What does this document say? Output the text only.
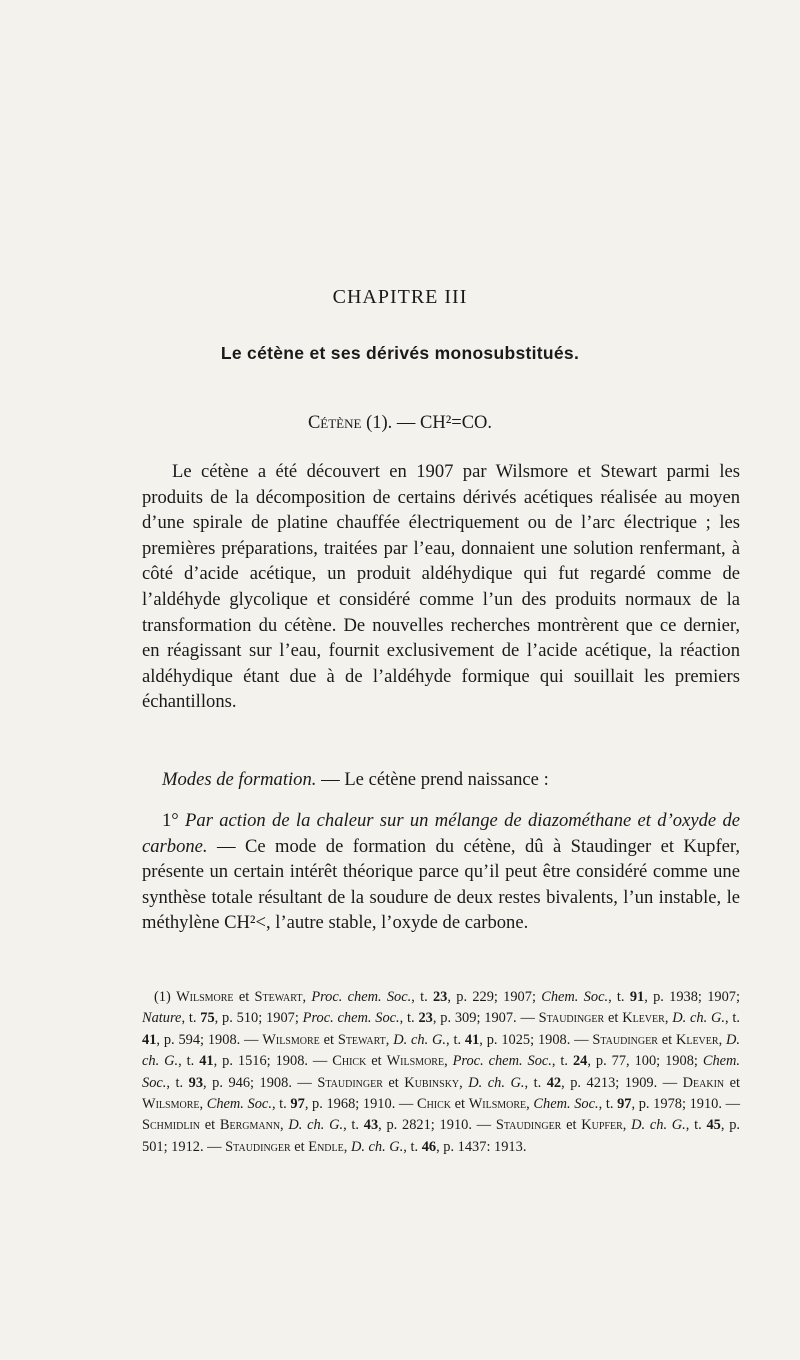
CHAPITRE III
Le cétène et ses dérivés monosubstitués.
Cétène (1). — CH²=CO.

Le cétène a été découvert en 1907 par Wilsmore et Stewart parmi les produits de la décomposition de certains dérivés acétiques réalisée au moyen d’une spirale de platine chauffée électriquement ou de l’arc électrique ; les premières préparations, traitées par l’eau, donnaient une solution renfermant, à côté d’acide acétique, un produit aldéhydique qui fut regardé comme de l’aldéhyde glycolique et considéré comme l’un des produits normaux de la transformation du cétène. De nouvelles recherches montrèrent que ce dernier, en réagissant sur l’eau, fournit exclusivement de l’acide acétique, la réaction aldéhydique étant due à de l’aldéhyde formique qui souillait les premiers échantillons.

Modes de formation. — Le cétène prend naissance :

1° Par action de la chaleur sur un mélange de diazométhane et d’oxyde de carbone. — Ce mode de formation du cétène, dû à Staudinger et Kupfer, présente un certain intérêt théorique parce qu’il peut être considéré comme une synthèse totale résultant de la soudure de deux restes bivalents, l’un instable, le méthylène CH²<, l’autre stable, l’oxyde de carbone.

(1) Wilsmore et Stewart, Proc. chem. Soc., t. 23, p. 229; 1907; Chem. Soc., t. 91, p. 1938; 1907; Nature, t. 75, p. 510; 1907; Proc. chem. Soc., t. 23, p. 309; 1907. — Staudinger et Klever, D. ch. G., t. 41, p. 594; 1908. — Wilsmore et Stewart, D. ch. G., t. 41, p. 1025; 1908. — Staudinger et Klever, D. ch. G., t. 41, p. 1516; 1908. — Chick et Wilsmore, Proc. chem. Soc., t. 24, p. 77, 100; 1908; Chem. Soc., t. 93, p. 946; 1908. — Staudinger et Kubinsky, D. ch. G., t. 42, p. 4213; 1909. — Deakin et Wilsmore, Chem. Soc., t. 97, p. 1968; 1910. — Chick et Wilsmore, Chem. Soc., t. 97, p. 1978; 1910. — Schmidlin et Bergmann, D. ch. G., t. 43, p. 2821; 1910. — Staudinger et Kupfer, D. ch. G., t. 45, p. 501; 1912. — Staudinger et Endle, D. ch. G., t. 46, p. 1437: 1913.
